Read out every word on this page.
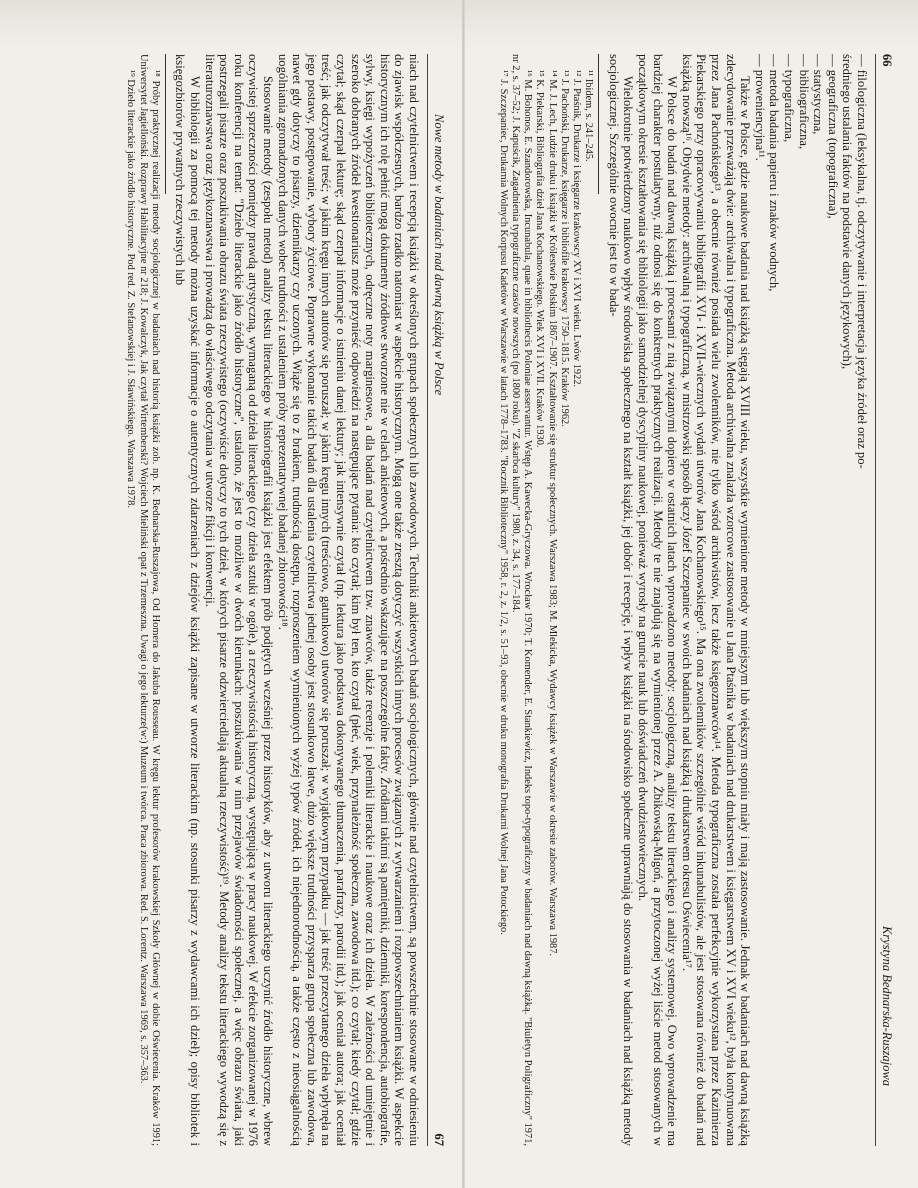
66
Krystyna Bednarska-Ruszajowa

— filologiczna (leksykalna, tj. odczytywanie i interpretacja języka źródeł oraz po-

średniego ustalania faktów na podstawie danych językowych),

— geograficzna (topograficzna),

— statystyczna,

— bibliograficzna,

— typograficzna,

— metoda badania papieru i znaków wodnych,

— proweniencyjna¹¹.

Także w Polsce, gdzie naukowe badania nad książką sięgają XVIII wieku, wszystkie wymienione metody w mniejszym lub większym stopniu miały i mają zastosowanie. Jednak w badaniach nad dawną książką zdecydowanie przeważają dwie: archiwalna i typograficzna. Metoda archiwalna znalazła wzorcowe zastosowanie u Jana Ptaśnika w badaniach nad drukarstwem i księgarstwem XV i XVI wieku¹², była kontynuowana przez Jana Pachońskiego¹³, a obecnie również posiada wielu zwolenników, nie tylko wśród archiwistów, lecz także księgoznawców¹⁴. Metoda typograficzna została perfekcyjnie wykorzystana przez Kazimierza Piekarskiego przy opracowywaniu bibliografii XVI- i XVII-wiecznych wydań utworów Jana Kochanowskiego¹⁵. Ma ona zwolenników szczególnie wśród inkunabulistów, ale jest stosowana również do badań nad książką nowszą¹⁶. Obydwie metody: archiwalną i typograficzną, w mistrzowski sposób łączy Józef Szczepaniec w swoich badaniach nad książką i drukarstwem okresu Oświecenia¹⁷.

W Polsce do badań nad dawną książką i procesami z nią związanymi dopiero w ostatnich latach wprowadzono metody: socjologiczną, analizy tekstu literackiego i analizy systemowej. Owo wprowadzenie ma bardziej charakter postulatywny, niż odnosi się do konkretnych praktycznych realizacji. Metody te nie znajdują się na wymienionej przez A. Żbikowską-Migoń, a przytoczonej wyżej liście metod stosowanych w początkowym okresie kształtowania się bibliologii jako samodzielnej dyscypliny naukowej, ponieważ wyrosły na gruncie nauk lub doświadczeń dwudziestowiecznych.

Wielokrotnie potwierdzony naukowo wpływ środowiska społecznego na kształt książki, jej dobór i recepcję, i wpływ książki na środowisko społeczne uprawniają do stosowania w badaniach nad książką metody socjologicznej. Szczególnie owocnie jest to w bada-

¹¹ Ibidem, s. 241–245.

¹² J. Ptaśnik, Drukarze i księgarze krakowscy XV i XVI wieku. Lwów 1922.

¹³ J. Pachoński, Drukarze, księgarze i bibliofile krakowscy 1750–1815. Kraków 1962.

¹⁴ M. J. Lech, Ludzie druku i książki w Królestwie Polskim 1867–1907. Kształtowanie się struktur społecznych. Warszawa 1983; M. Mlekicka, Wydawcy książek w Warszawie w okresie zaborów. Warszawa 1987.

¹⁵ K. Piekarski, Bibliografia dzieł Jana Kochanowskiego. Wiek XVI i XVII. Kraków 1930.

¹⁶ M. Bohonos, E. Szandorowska, Incunabula, quae in bibliothecis Poloniae asservantur. Wstęp A. Kawecka-Gryczowa. Wrocław 1970; T. Komender, E. Stankiewicz, Indeks topo-typograficzny w badaniach nad dawną książką. "Biuletyn Poligraficzny" 1971, nr 2, s. 37–52; J. Kapuścik, Zagadnienia typograficzne czasów nowszych (po 1800 roku). "Z skarbca kultury" 1980, z. 34, s. 177–184.

¹⁷ J. Szczepaniec, Drukarnia Wolnych Korpusu Kadetów w Warszawie w latach 1778–1783. "Rocznik Biblioteczny" 1958, r. 2, z. 1/2, s. 51–93, obecnie w druku monografia Drukarni Wolnej Jana Potockiego.

Nowe metody w badaniach nad dawną książką w Polsce
67

niach nad czytelnictwem i recepcją książki w określonych grupach społecznych lub zawodowych. Techniki ankietowych badań socjologicznych, głównie nad czytelnictwem, są powszechnie stosowane w odniesieniu do zjawisk współczesnych, bardzo rzadko natomiast w aspekcie historycznym. Mogą one także zresztą dotyczyć wszystkich innych procesów związanych z wytwarzaniem i rozpowszechnianiem książki. W aspekcie historycznym ich rolę pełnić mogą dokumenty źródłowe stworzone nie w celach ankietowych, a pośrednio wskazujące na poszczególne fakty. Źródłami takimi są pamiętniki, dzienniki, korespondencja, autobiografie, sylwy, księgi wypożyczeń bibliotecznych, odręczne noty marginesowe, a dla badań nad czytelnictwem tzw. znawców, także recenzje i polemiki literackie i naukowe oraz ich dzieła. W zależności od umiejętnie i szeroko dobranych źródeł kwestionariusz może przynieść odpowiedzi na następujące pytania: kto czytał; kim był ten, kto czytał (płeć, wiek, przynależność społeczna, zawodowa itd.); co czytał; kiedy czytał; gdzie czytał; skąd czerpał lekturę; skąd czerpał informacje o istnieniu danej lektury; jak intensywnie czytał (np. lektura jako podstawa dokonywanego tłumaczenia, parafrazy, parodii itd.); jak oceniał autora; jak oceniał treść; jak odczytywał treść; w jakim kręgu innych autorów się poruszał; w jakim kręgu innych (treściowo, gatunkowo) utworów się poruszał; w wyjątkowym przypadku — jak treść przeczytanego dzieła wpłynęła na jego postawy, postępowanie, wybory życiowe. Poprawne wykonanie takich badań dla ustalenia czytelnictwa jednej osoby jest stosunkowo łatwe, dużo większe trudności przysparza grupa społeczna lub zawodowa, nawet gdy dotyczy to pisarzy, dziennikarzy czy uczonych. Wiąże się to z brakiem, trudnością dostępu, rozproszeniem wymienionych wyżej typów źródeł, ich niejednorodnością, a także często z nieosiągalnością uogólniania zgromadzonych danych wobec trudności z ustaleniem próby reprezentatywnej badanej zbiorowości¹⁸.

Stosowanie metody (zespołu metod) analizy tekstu literackiego w historiografii książki jest efektem prób podjętych wcześniej przez historyków, aby z utworu literackiego uczynić źródło historyczne, wbrew oczywistej sprzeczności pomiędzy prawdą artystyczną, wymaganą od dzieła literackiego (czy dzieła sztuki w ogóle), a rzeczywistością historyczną, występującą w pracy naukowej. W efekcie zorganizowanej w 1976 roku konferencji na temat: "Dzieło literackie jako źródło historyczne", ustalono, że jest to możliwe w dwóch kierunkach: poszukiwania w nim przejawów świadomości społecznej, a więc obrazu świata, jaki postrzegali pisarze oraz poszukiwania obrazu świata rzeczywistego (oczywiście dotyczy to tych dzieł, w których pisarze odzwierciedlają aktualną rzeczywistość)¹⁹. Metody analizy tekstu literackiego wywodzą się z literaturoznawstwa oraz językoznawstwa i prowadzą do właściwego odczytania w utworze fikcji i konwencji.

W bibliologii za pomocą tej metody można uzyskać informacje o autentycznych zdarzeniach z dziejów książki zapisane w utworze literackim (np. stosunki pisarzy z wydawcami ich dzieł); opisy bibliotek i księgozbiorów prywatnych rzeczywistych lub

¹⁸ Próby praktycznej realizacji metody socjologicznej w badaniach nad historią książki zob. np. K. Bednarska-Ruszajowa, Od Homera do Jakuba Rousseau. W kręgu lektur profesorów krakowskiej Szkoły Głównej w dobie Oświecenia. Kraków 1991; Uniwersytet Jagielloński. Rozprawy Habilitacyjne nr 218; J. Kowalczyk, Jak czytał Wirtemberski? Wojciech Mieliński opat z Trzemeszna. Uwagi o jego lekturze(w:) Muzeum i twórca. Praca zbiorowa. Red. S. Lorentz. Warszawa 1969, s. 357–363.

¹⁹ Dzieło literackie jako źródło historyczne. Pod red. Z. Stefanowskiej i J. Sławińskiego. Warszawa 1978.
